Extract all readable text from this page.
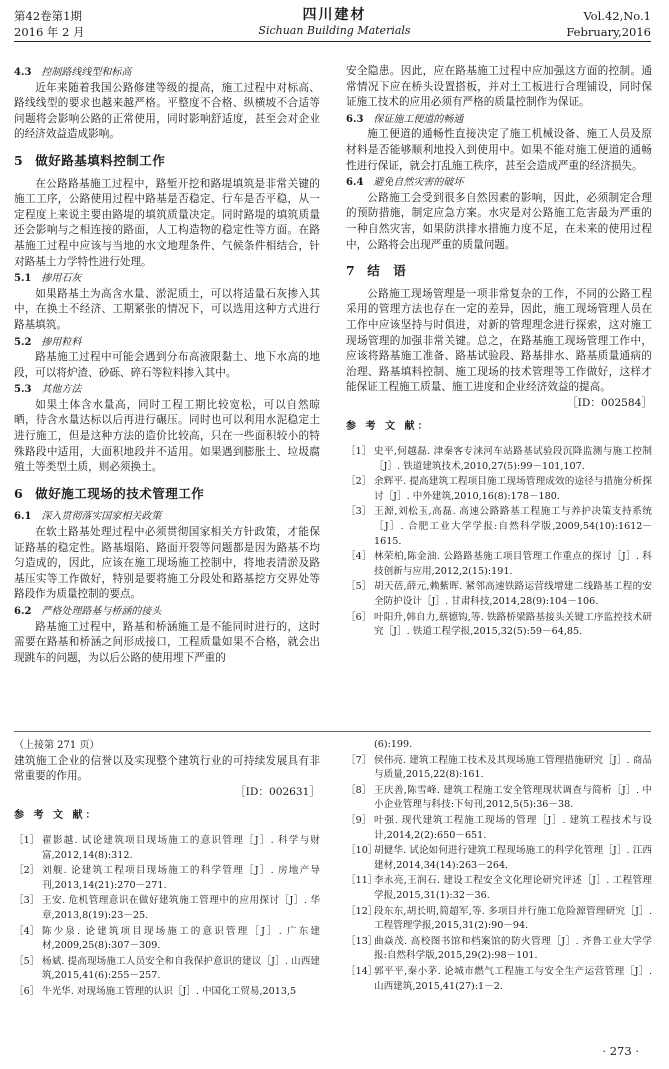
第42卷第1期
2016 年 2 月
四川建材
Sichuan Building Materials
Vol.42,No.1
February,2016
4.3　 控制路线线型和标高

近年来随着我国公路修建等级的提高，施工过程中对标高、路线线型的要求也越来越严格。平整度不合格、纵横坡不合适等问题将会影响公路的正常使用，同时影响舒适度，甚至会对企业的经济效益造成影响。

5 做好路基填料控制工作

在公路路基施工过程中，路堑开挖和路堤填筑是非常关键的施工工序，公路使用过程中路基是否稳定、行车是否平稳，从一定程度上来说主要由路堤的填筑质量决定。同时路堤的填筑质量还会影响与之相连接的路面，人工构造物的稳定性等方面。在路基施工过程中应该与当地的水文地理条件、气候条件相结合，针对路基土力学特性进行处理。

5.1　 掺用石灰

如果路基土为高含水量、淤泥质土，可以将适量石灰掺入其中，在换土不经济、工期紧张的情况下，可以选用这种方式进行路基填筑。

5.2　 掺用粒料

路基施工过程中可能会遇到分布高液限黏土、地下水高的地段，可以将炉渣、砂砾、碎石等粒料掺入其中。

5.3　 其他方法

如果土体含水量高，同时工程工期比较宽松，可以自然晾晒，待含水量达标以后再进行碾压。同时也可以利用水泥稳定土进行施工，但是这种方法的造价比较高，只在一些面积较小的特殊路段中适用，大面积地段并不适用。如果遇到膨胀土、垃圾腐殖土等类型土质，则必须换土。

6 做好施工现场的技术管理工作
6.1　 深入贯彻落实国家相关政策

在软土路基处理过程中必须贯彻国家相关方针政策，才能保证路基的稳定性。路基塌陷、路面开裂等问题都是因为路基不均匀造成的，因此，应该在施工现场施工控制中，将地表清淤及路基压实等工作做好，特别是要将施工分段处和路基挖方交界处等路段作为质量控制的要点。

6.2　 严格处理路基与桥涵的接头

路基施工过程中，路基和桥涵施工是不能同时进行的，这时需要在路基和桥涵之间形成接口，工程质量如果不合格，就会出现跳车的问题，为以后公路的使用埋下严重的

安全隐患。因此，应在路基施工过程中应加强这方面的控制。通常情况下应在桥头设置搭板，并对土工板进行合理铺设，同时保证施工技术的应用必须有严格的质量控制作为保证。

6.3　 保证施工便道的畅通

施工便道的通畅性直接决定了施工机械设备、施工人员及原材料是否能够顺利地投入到使用中。如果不能对施工便道的通畅性进行保证，就会打乱施工秩序，甚至会造成严重的经济损失。

6.4　 避免自然灾害的破坏

公路施工会受到很多自然因素的影响，因此，必须制定合理的预防措施，制定应急方案。水灾是对公路施工危害最为严重的一种自然灾害，如果防洪排水措施力度不足，在未来的使用过程中，公路将会出现严重的质量问题。

7 结　语

公路施工现场管理是一项非常复杂的工作，不同的公路工程采用的管理方法也存在一定的差异，因此，施工现场管理人员在工作中应该坚持与时俱进，对新的管理理念进行探索，这对施工现场管理的加强非常关键。总之，在路基施工现场管理工作中，应该将路基施工准备、路基试验段、路基排水、路基质量通病的治理、路基填料控制、施工现场的技术管理等工作做好，这样才能保证工程施工质量、施工进度和企业经济效益的提高。

［ID：002584］
参 考 文 献：
［1］ 史平,何越磊. 津秦客专涞河车站路基试验段沉降监测与施工控制［J］. 铁道建筑技术,2010,27(5):99－101,107.
［2］ 余辉平. 提高建筑工程项目施工现场管理成效的途径与措施分析探讨［J］. 中外建筑,2010,16(8):178－180.
［3］ 王源,刘松玉,高磊. 高速公路路基工程施工与养护决策支持系统［J］. 合肥工业大学学报:自然科学版,2009,54(10):1612－1615.
［4］ 林荣柏,陈金油. 公路路基施工项目管理工作重点的探讨［J］. 科技创新与应用,2012,2(15):191.
［5］ 胡天蓓,薛元,赖紫晖. 紧邻高速铁路运营线增建二线路基工程的安全防护设计［J］. 甘肃科技,2014,28(9):104－106.
［6］ 叶阳升,韩自力,蔡德钩,等. 铁路桥梁路基接头关键工序监控技术研究［J］. 铁道工程学报,2015,32(5):59－64,85.
（上接第 271 页）

建筑施工企业的信誉以及实现整个建筑行业的可持续发展具有非常重要的作用。

［ID：002631］
参 考 文 献：
［1］ 翟影越. 试论建筑项目现场施工的意识管理［J］. 科学与财富,2012,14(8):312.
［2］ 刘舰. 论建筑工程项目现场施工的科学管理［J］. 房地产导刊,2013,14(21):270－271.
［3］ 王安. 危机管理意识在做好建筑施工管理中的应用探讨［J］. 华章,2013,8(19):23－25.
［4］ 陈少泉. 论建筑项目现场施工的意识管理［J］. 广东建材,2009,25(8):307－309.
［5］ 杨斌. 提高现场施工人员安全和自我保护意识的建议［J］. 山西建筑,2015,41(6):255－257.
［6］ 牛光华. 对现场施工管理的认识［J］. 中国化工贸易,2013,5
(6):199.
［7］ 侯伟亮. 建筑工程施工技术及其现场施工管理措施研究［J］. 商品与质量,2015,22(8):161.
［8］ 王庆善,陈雪峰. 建筑工程施工安全管理现状调查与简析［J］. 中小企业管理与科技:下旬刊,2012,5(5):36－38.
［9］ 叶强. 现代建筑工程施工现场的管理［J］. 建筑工程技术与设计,2014,2(2):650－651.
［10］
胡健华. 试论如何进行建筑工程现场施工的科学化管理［J］. 江西建材,2014,34(14):263－264.
［11］
李永亮,王润石. 建设工程安全文化理论研究评述［J］. 工程管理学报,2015,31(1):32－36.
［12］
段东东,胡长明,简超军,等. 多项目并行施工危险源管理研究［J］. 工程管理学报,2015,31(2):90－94.
［13］
曲焱茂. 高校图书馆和档案馆的防火管理［J］. 齐鲁工业大学学报:自然科学版,2015,29(2):98－101.
［14］
郭平平,秦小茅. 论城市燃气工程施工与安全生产运营管理［J］. 山西建筑,2015,41(27):1－2.
· 273 ·
